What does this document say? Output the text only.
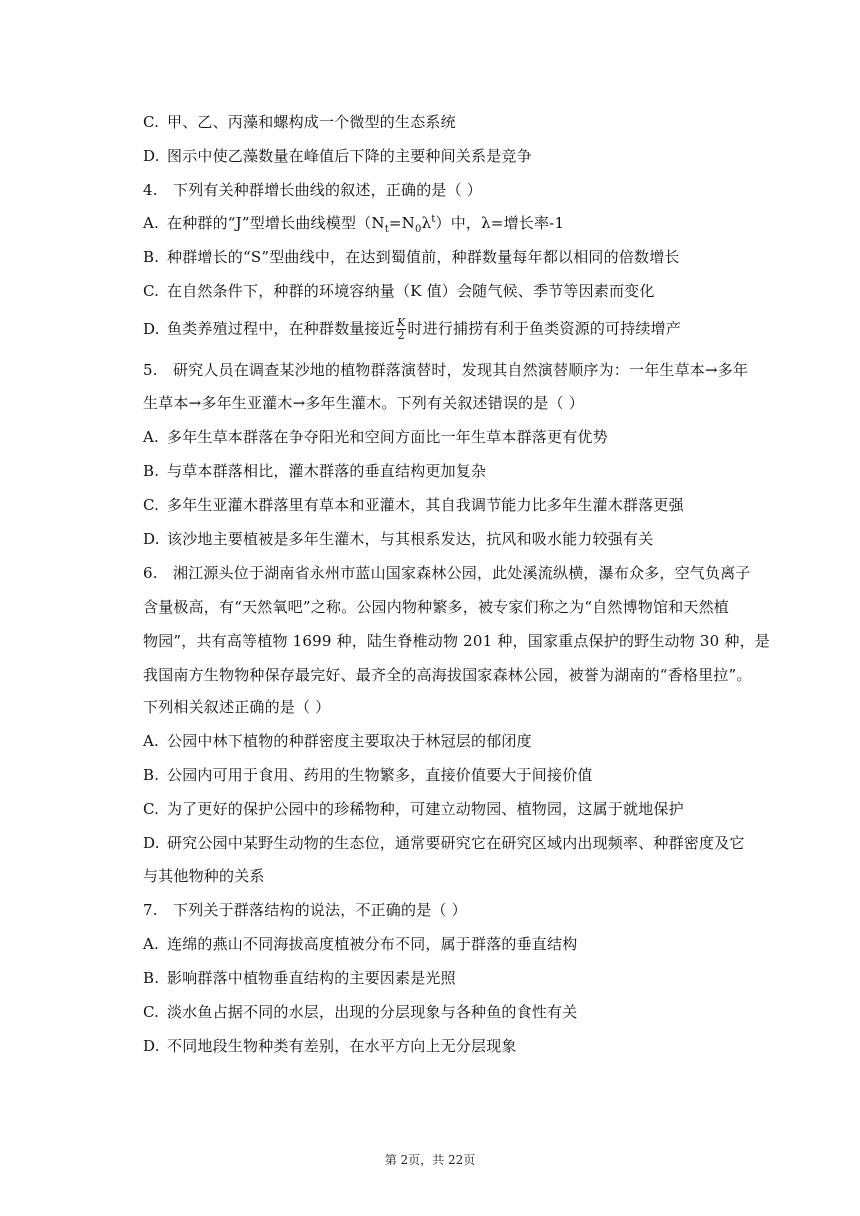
C. 甲、乙、丙藻和螺构成一个微型的生态系统
D. 图示中使乙藻数量在峰值后下降的主要种间关系是竞争
4. 下列有关种群增长曲线的叙述，正确的是（ ）
A. 在种群的“J”型增长曲线模型$(N_t=N_0\lambda^t)$中，λ=增长率-1
B. 种群增长的“S”型曲线中，在达到蜀值前，种群数量每年都以相同的倍数增长
C. 在自然条件下，种群的环境容纳量（K 值）会随气候、季节等因素而变化
D. 鱼类养殖过程中，在种群数量接近 $\frac{K}{2}$ 时进行捕捞有利于鱼类资源的可持续增产
5. 研究人员在调查某沙地的植物群落演替时，发现其自然演替顺序为：一年生草本→多年
生草本→多年生亚灌木→多年生灌木。下列有关叙述错误的是（ ）
A. 多年生草本群落在争夺阳光和空间方面比一年生草本群落更有优势
B. 与草本群落相比，灌木群落的垂直结构更加复杂
C. 多年生亚灌木群落里有草本和亚灌木，其自我调节能力比多年生灌木群落更强
D. 该沙地主要植被是多年生灌木，与其根系发达，抗风和吸水能力较强有关
6. 湘江源头位于湖南省永州市蓝山国家森林公园，此处溪流纵横，瀑布众多，空气负离子
含量极高，有“天然氧吧”之称。公园内物种繁多，被专家们称之为“自然博物馆和天然植
物园”，共有高等植物 1699 种，陆生脊椎动物 201 种，国家重点保护的野生动物 30 种，是
我国南方生物物种保存最完好、最齐全的高海拔国家森林公园，被誉为湖南的“香格里拉”。
下列相关叙述正确的是（ ）
A. 公园中林下植物的种群密度主要取决于林冠层的郁闭度
B. 公园内可用于食用、药用的生物繁多，直接价值要大于间接价值
C. 为了更好的保护公园中的珍稀物种，可建立动物园、植物园，这属于就地保护
D. 研究公园中某野生动物的生态位，通常要研究它在研究区域内出现频率、种群密度及它
与其他物种的关系
7. 下列关于群落结构的说法，不正确的是（ ）
A. 连绵的燕山不同海拔高度植被分布不同，属于群落的垂直结构
B. 影响群落中植物垂直结构的主要因素是光照
C. 淡水鱼占据不同的水层，出现的分层现象与各种鱼的食性有关
D. 不同地段生物种类有差别，在水平方向上无分层现象
第 2页，共 22页
